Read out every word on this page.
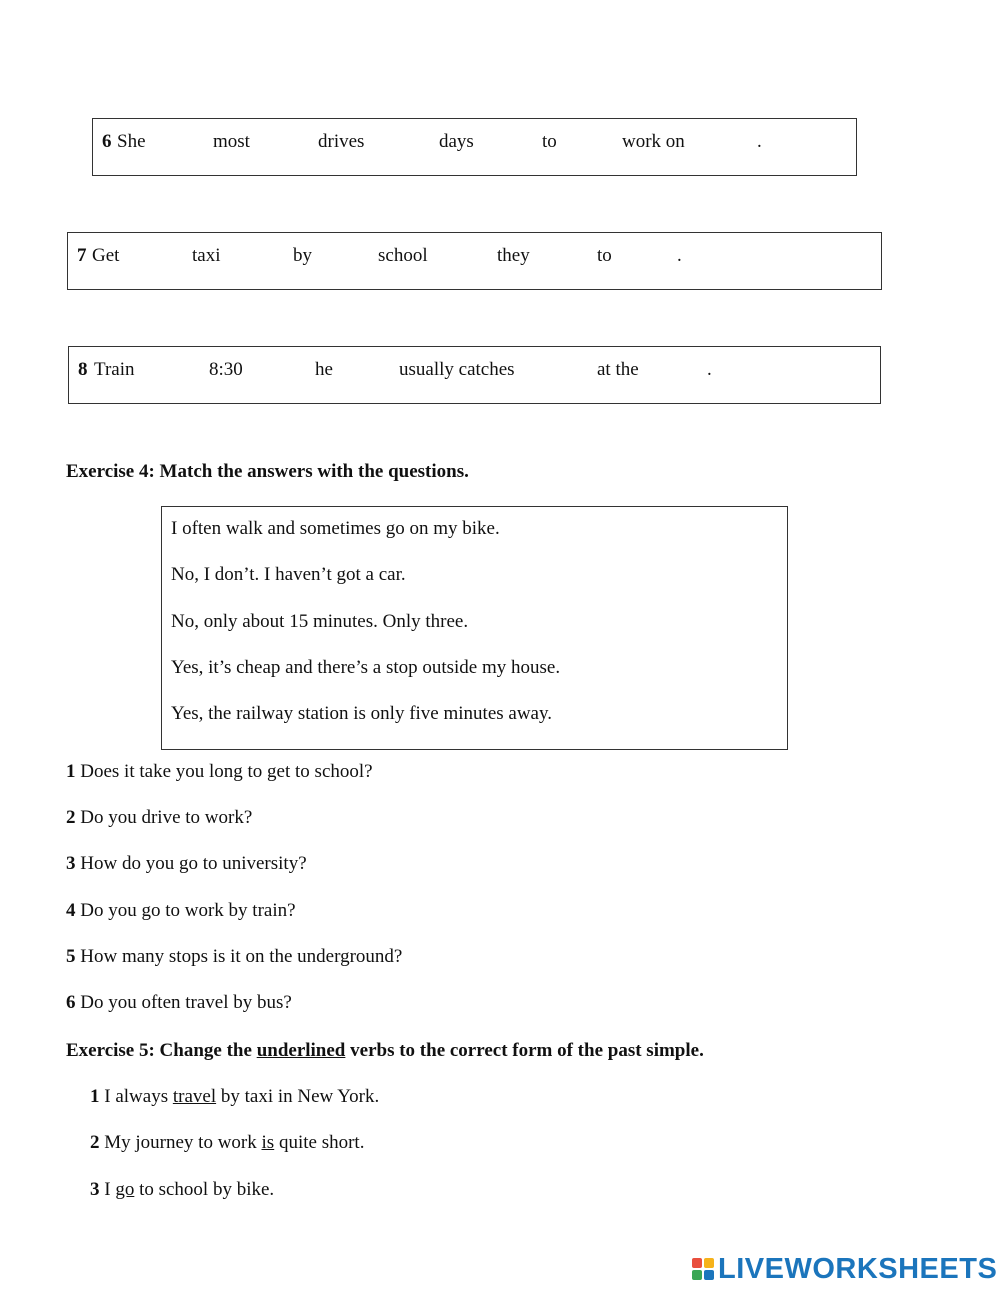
6 She	most	drives	days	to	work on	.
7 Get	taxi	by	school	they	to	.
8 Train	8:30	he	usually catches	at the	.
Exercise 4: Match the answers with the questions.
I often walk and sometimes go on my bike.
No, I don’t. I haven’t got a car.
No, only about 15 minutes. Only three.
Yes, it’s cheap and there’s a stop outside my house.
Yes, the railway station is only five minutes away.
1 Does it take you long to get to school?
2 Do you drive to work?
3 How do you go to university?
4 Do you go to work by train?
5 How many stops is it on the underground?
6 Do you often travel by bus?
Exercise 5: Change the underlined verbs to the correct form of the past simple.
1 I always travel by taxi in New York.
2 My journey to work is quite short.
3 I go to school by bike.
LIVEWORKSHEETS
